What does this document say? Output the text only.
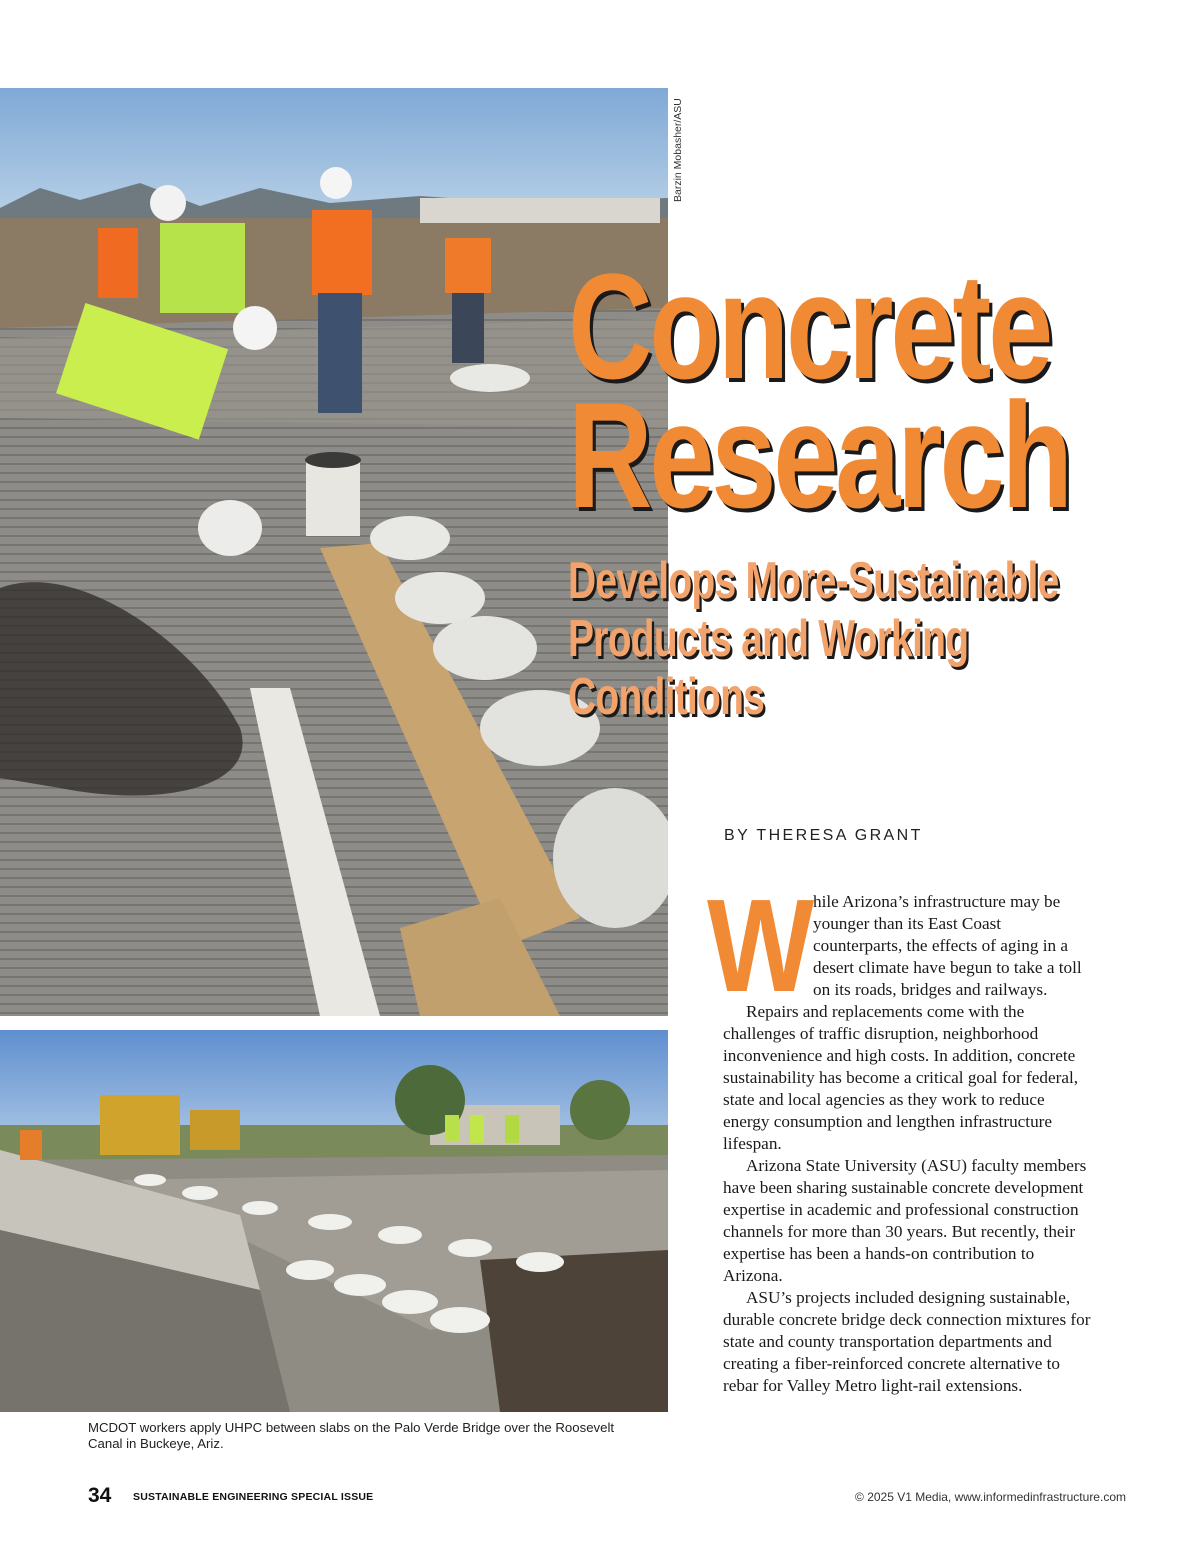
Barzin Mobasher/ASU
Concrete
Research
Develops More-Sustainable
Products and Working
Conditions
BY THERESA GRANT

W
hile Arizona’s infrastructure may be younger than its East Coast counterparts, the effects of aging in a desert climate have begun to take a toll on its roads, bridges and railways.

Repairs and replacements come with the challenges of traffic disruption, neighborhood inconvenience and high costs. In addition, concrete sustainability has become a critical goal for federal, state and local agencies as they work to reduce energy consumption and lengthen infrastructure lifespan.

Arizona State University (ASU) faculty members have been sharing sustainable concrete development expertise in academic and professional construction channels for more than 30 years. But recently, their expertise has been a hands-on contribution to Arizona.

ASU’s projects included designing sustainable, durable concrete bridge deck connection mixtures for state and county transportation departments and creating a fiber-reinforced concrete alternative to rebar for Valley Metro light-rail extensions.

MCDOT workers apply UHPC between slabs on the Palo Verde Bridge over the Roosevelt Canal in Buckeye, Ariz.
34 SUSTAINABLE ENGINEERING SPECIAL ISSUE	© 2025 V1 Media, www.informedinfrastructure.com
